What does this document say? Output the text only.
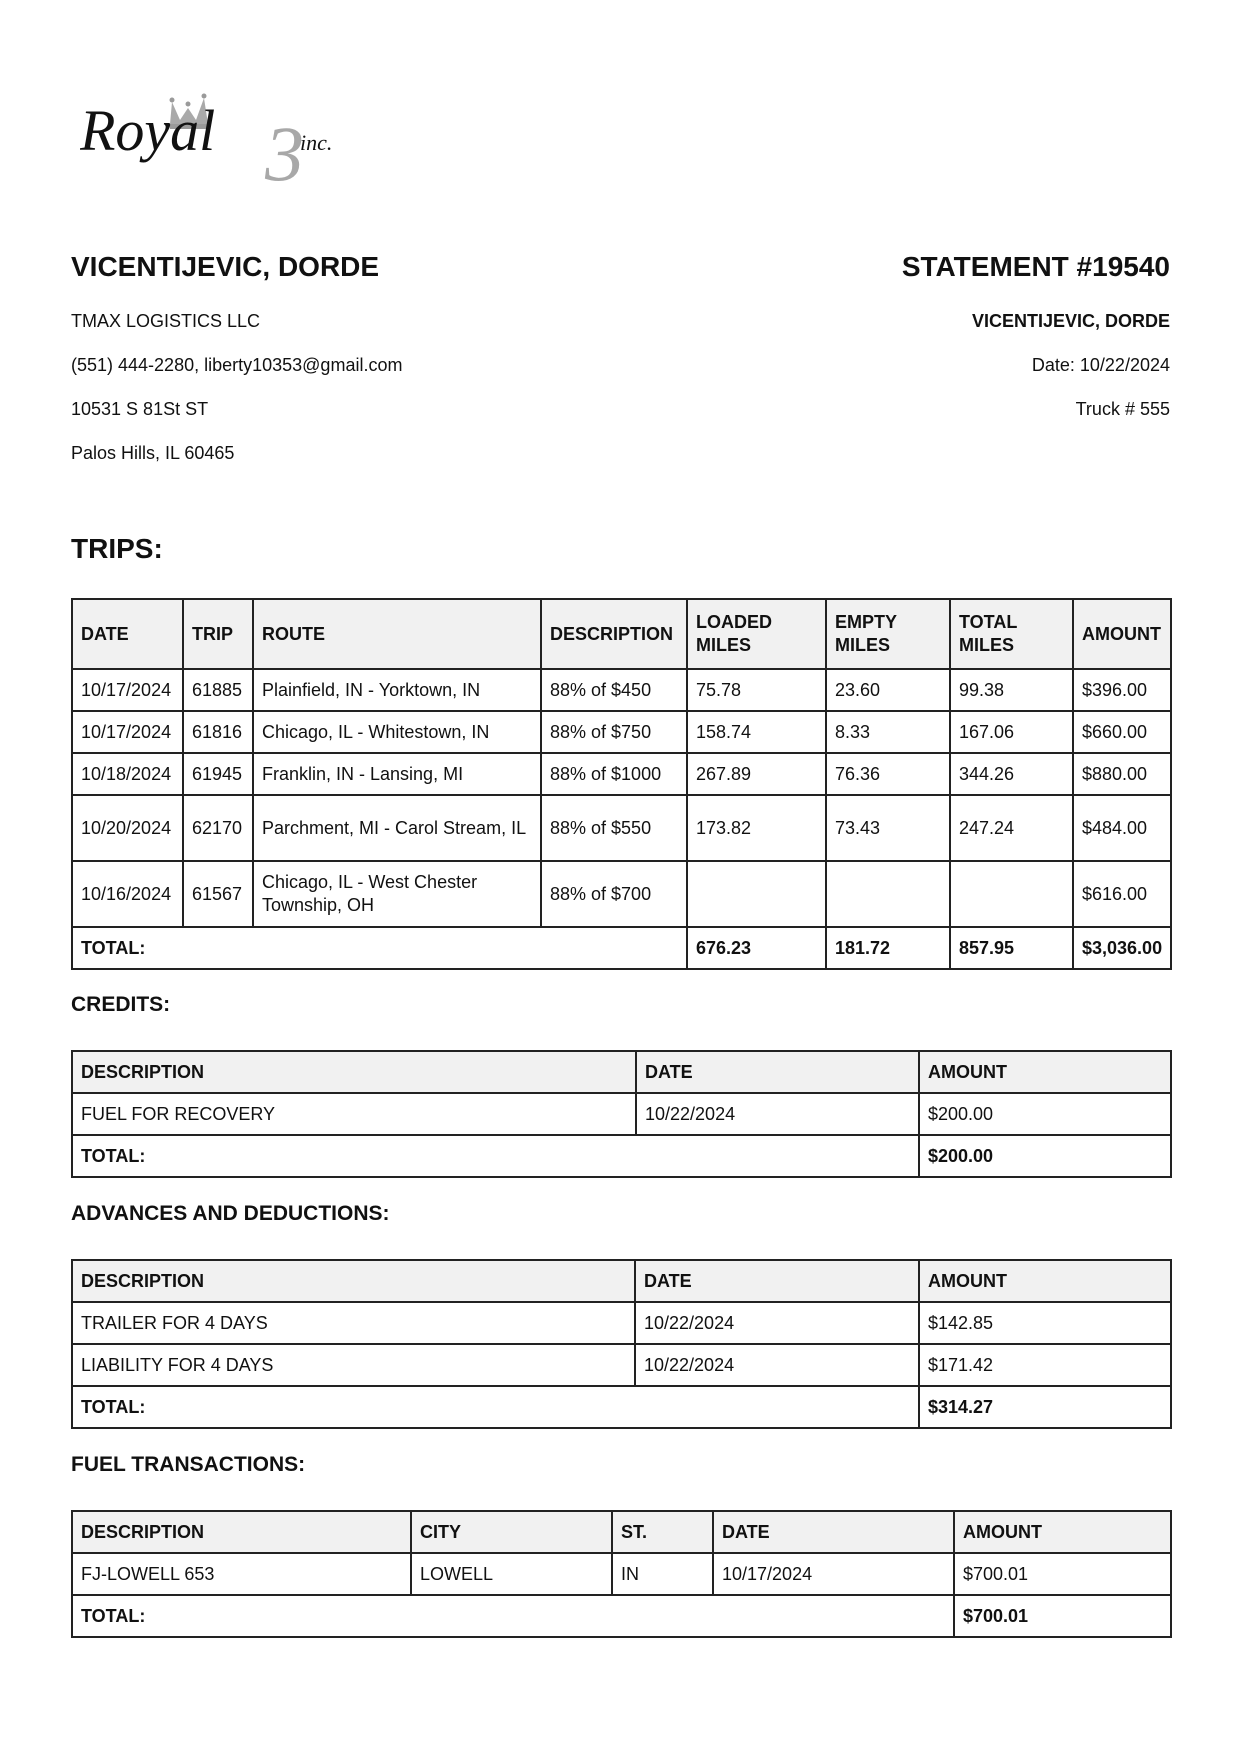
Royal 3
inc.

VICENTIJEVIC, DORDE

TMAX LOGISTICS LLC
(551) 444-2280, liberty10353@gmail.com
10531 S 81St ST
Palos Hills, IL 60465

STATEMENT #19540

VICENTIJEVIC, DORDE
Date: 10/22/2024
Truck # 555

TRIPS:

DATE	TRIP	ROUTE	DESCRIPTION	LOADED MILES	EMPTY MILES	TOTAL MILES	AMOUNT
10/17/2024	61885	Plainfield, IN - Yorktown, IN	88% of $450	75.78	23.60	99.38	$396.00
10/17/2024	61816	Chicago, IL - Whitestown, IN	88% of $750	158.74	8.33	167.06	$660.00
10/18/2024	61945	Franklin, IN - Lansing, MI	88% of $1000	267.89	76.36	344.26	$880.00
10/20/2024	62170	Parchment, MI - Carol Stream, IL	88% of $550	173.82	73.43	247.24	$484.00
10/16/2024	61567	Chicago, IL - West Chester Township, OH	88% of $700				$616.00
TOTAL:				676.23	181.72	857.95	$3,036.00

CREDITS:

DESCRIPTION	DATE	AMOUNT
FUEL FOR RECOVERY	10/22/2024	$200.00
TOTAL:		$200.00

ADVANCES AND DEDUCTIONS:

DESCRIPTION	DATE	AMOUNT
TRAILER FOR 4 DAYS	10/22/2024	$142.85
LIABILITY FOR 4 DAYS	10/22/2024	$171.42
TOTAL:		$314.27

FUEL TRANSACTIONS:

DESCRIPTION	CITY	ST.	DATE	AMOUNT
FJ-LOWELL 653	LOWELL	IN	10/17/2024	$700.01
TOTAL:				$700.01
